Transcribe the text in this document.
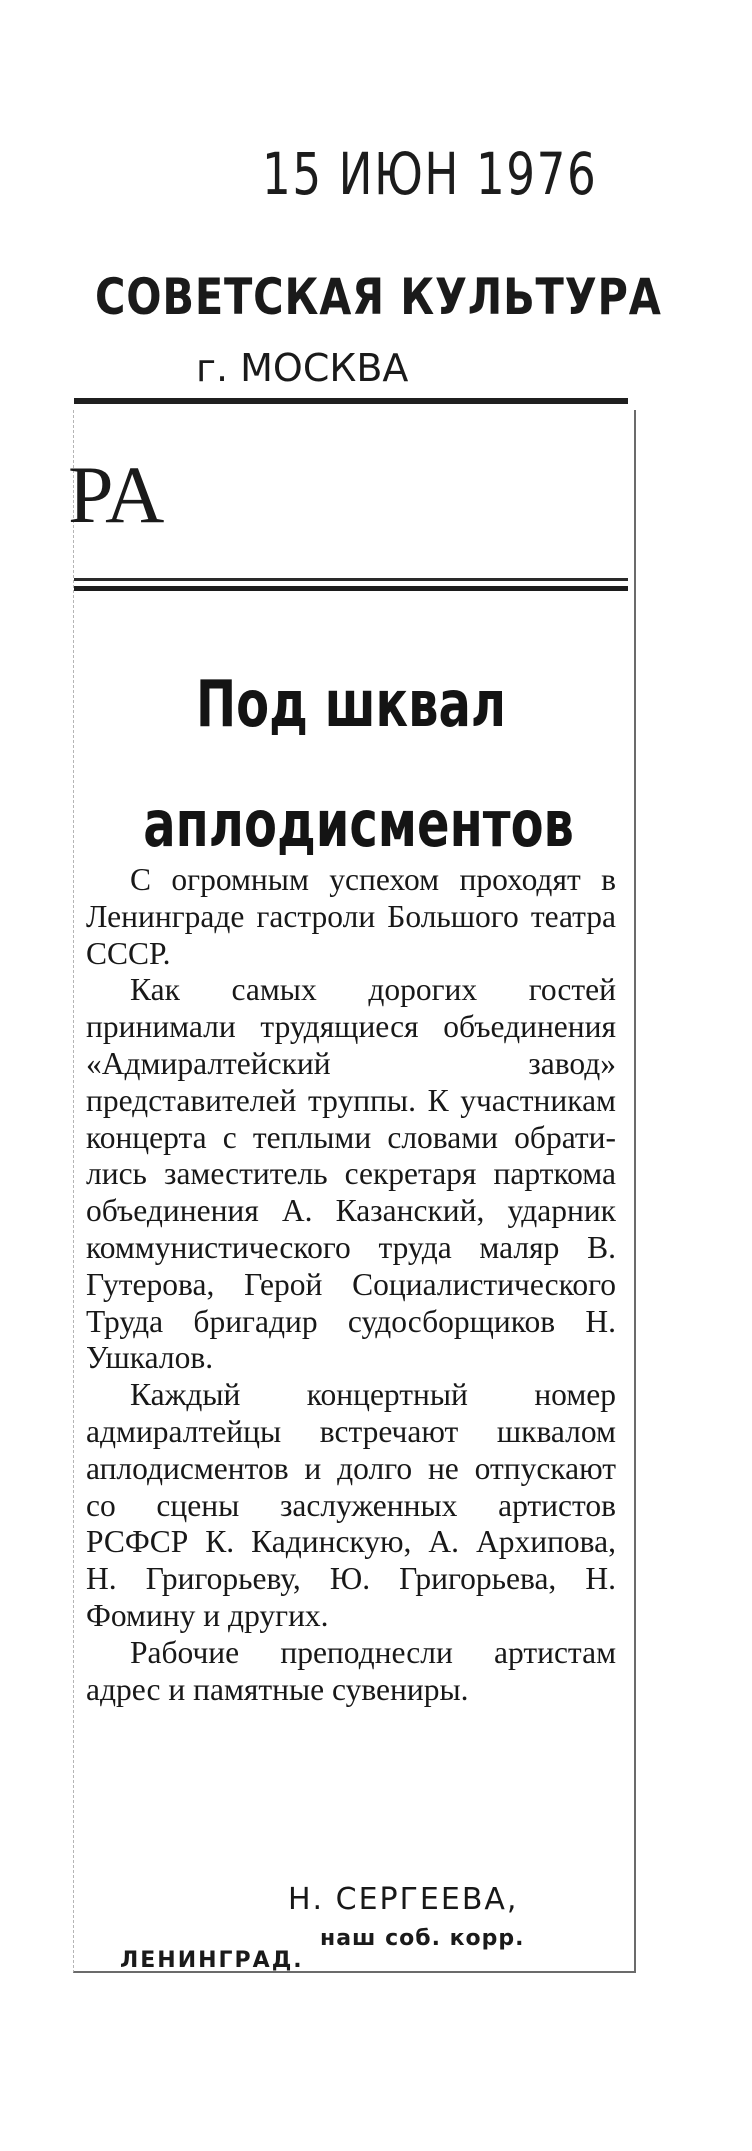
15 ИЮН 1976
СОВЕТСКАЯ КУЛЬТУРА
г. МОСКВА
РА
Под шквал
аплодисментов

С огромным успехом проходят в Ленинграде гастроли Большого театра СССР.

Как самых дорогих гостей принимали трудящиеся объединения «Адмиралтейский завод» представителей труппы. К участникам концерта с теплыми словами обратились заместитель секретаря парткома объединения А. Казанский, ударник коммунистического труда маляр В. Гутерова, Герой Социалистического Труда бригадир судосборщиков Н. Ушкалов.

Каждый концертный номер адмиралтейцы встречают шквалом аплодисментов и долго не отпускают со сцены заслуженных артистов РСФСР К. Кадинскую, А. Архипова, Н. Григорьеву, Ю. Григорьева, Н. Фомину и других.

Рабочие преподнесли артистам адрес и памятные сувениры.

Н. СЕРГЕЕВА,
наш соб. корр.
ЛЕНИНГРАД.
